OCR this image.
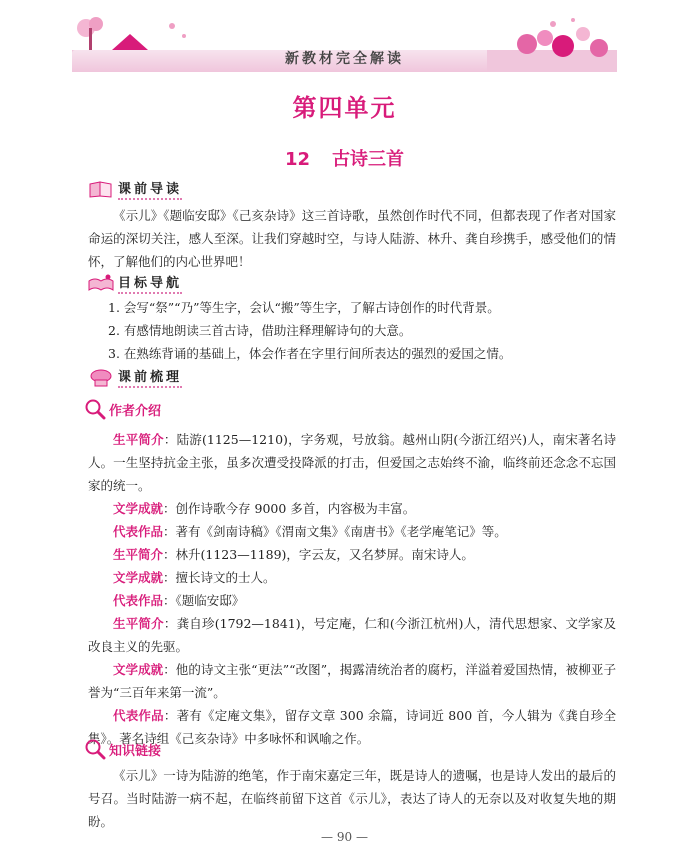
新教材完全解读
第四单元
12 古诗三首
课前导读
《示儿》《题临安邸》《己亥杂诗》这三首诗歌，虽然创作时代不同，但都表现了作者对国家命运的深切关注，感人至深。让我们穿越时空，与诗人陆游、林升、龚自珍携手，感受他们的情怀，了解他们的内心世界吧！
目标导航
1. 会写“祭”“乃”等生字，会认“搬”等生字，了解古诗创作的时代背景。
2. 有感情地朗读三首古诗，借助注释理解诗句的大意。
3. 在熟练背诵的基础上，体会作者在字里行间所表达的强烈的爱国之情。
课前梳理
作者介绍
生平简介：陆游(1125—1210)，字务观，号放翁。越州山阴(今浙江绍兴)人，南宋著名诗人。一生坚持抗金主张，虽多次遭受投降派的打击，但爱国之志始终不渝，临终前还念念不忘国家的统一。
文学成就：创作诗歌今存 9000 多首，内容极为丰富。
代表作品：著有《剑南诗稿》《渭南文集》《南唐书》《老学庵笔记》等。
生平简介：林升(1123—1189)，字云友，又名梦屏。南宋诗人。
文学成就：擅长诗文的士人。
代表作品：《题临安邸》
生平简介：龚自珍(1792—1841)，号定庵，仁和(今浙江杭州)人，清代思想家、文学家及改良主义的先驱。
文学成就：他的诗文主张“更法”“改图”，揭露清统治者的腐朽，洋溢着爱国热情，被柳亚子誉为“三百年来第一流”。
代表作品：著有《定庵文集》，留存文章 300 余篇，诗词近 800 首，今人辑为《龚自珍全集》。著名诗组《己亥杂诗》中多咏怀和讽喻之作。
知识链接
《示儿》一诗为陆游的绝笔，作于南宋嘉定三年，既是诗人的遗嘱，也是诗人发出的最后的号召。当时陆游一病不起，在临终前留下这首《示儿》，表达了诗人的无奈以及对收复失地的期盼。
— 90 —
